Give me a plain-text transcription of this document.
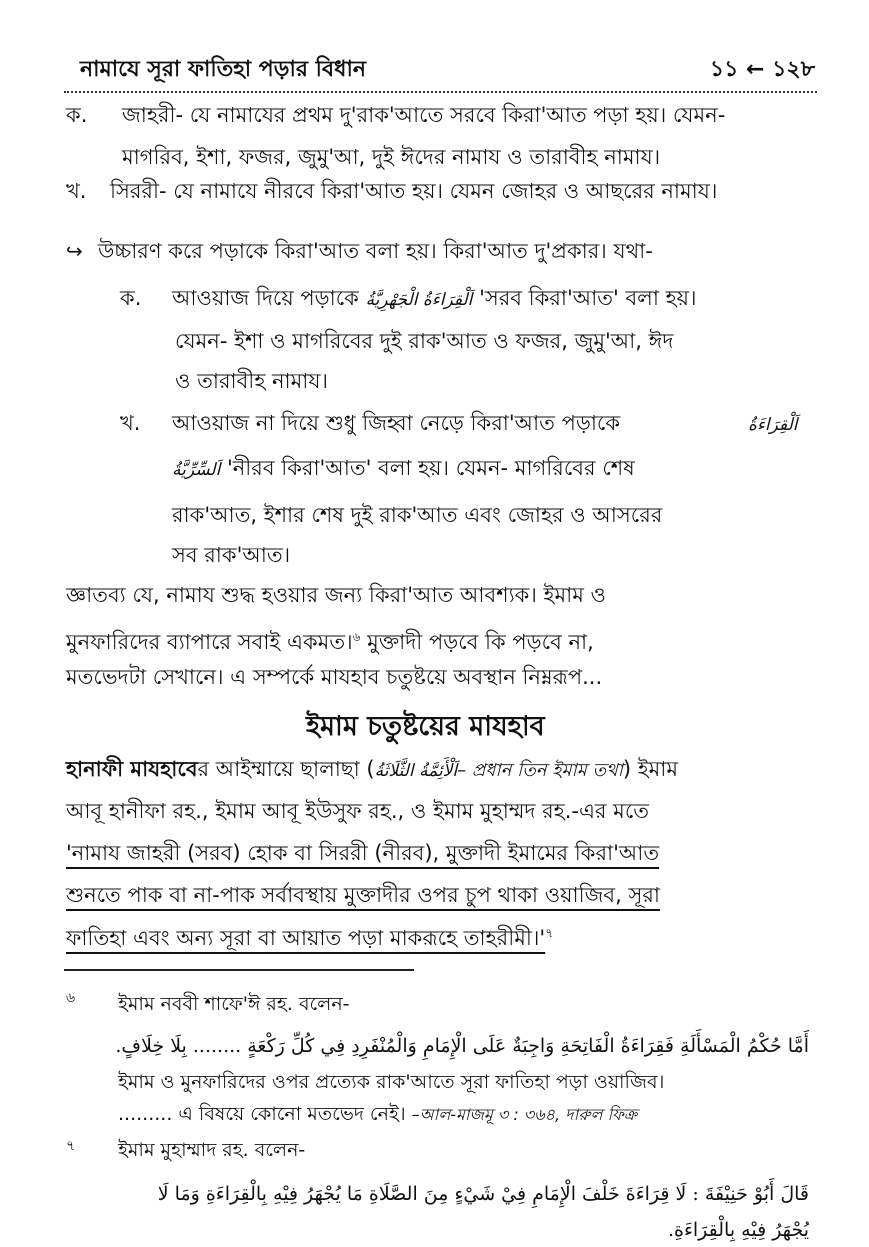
নামাযে সূরা ফাতিহা পড়ার বিধান	১১ ← ১২৮
ক. জাহরী- যে নামাযের প্রথম দু'রাক'আতে সরবে কিরা'আত পড়া হয়। যেমন-
মাগরিব, ইশা, ফজর, জুমু'আ, দুই ঈদের নামায ও তারাবীহ নামায।
খ. সিররী- যে নামাযে নীরবে কিরা'আত হয়। যেমন জোহর ও আছরের নামায।
↪ উচ্চারণ করে পড়াকে কিরা'আত বলা হয়। কিরা'আত দু'প্রকার। যথা-
ক. আওয়াজ দিয়ে পড়াকে اَلْقِرَاءَةُ الْجَهْرِيَّةُ 'সরব কিরা'আত' বলা হয়।
যেমন- ইশা ও মাগরিবের দুই রাক'আত ও ফজর, জুমু'আ, ঈদ
ও তারাবীহ নামায।
খ. আওয়াজ না দিয়ে শুধু জিহ্বা নেড়ে কিরা'আত পড়াকে	اَلْقِرَاءَةُ
اَلسِّرِّيَّةُ 'নীরব কিরা'আত' বলা হয়। যেমন- মাগরিবের শেষ
রাক'আত, ইশার শেষ দুই রাক'আত এবং জোহর ও আসরের
সব রাক'আত।
জ্ঞাতব্য যে, নামায শুদ্ধ হওয়ার জন্য কিরা'আত আবশ্যক। ইমাম ও
মুনফারিদের ব্যাপারে সবাই একমত।$^৬$ মুক্তাদী পড়বে কি পড়বে না,
মতভেদটা সেখানে। এ সম্পর্কে মাযহাব চতুষ্টয়ে অবস্থান নিম্নরূপ...
ইমাম চতুষ্টয়ের মাযহাব
হানাফী মাযহাবের আইম্মায়ে ছালাছা (اَلْأَئِمَّةُ الثَّلَاثَةُ– প্রধান তিন ইমাম তথা) ইমাম
আবূ হানীফা রহ., ইমাম আবূ ইউসুফ রহ., ও ইমাম মুহাম্মদ রহ.-এর মতে
'নামায জাহরী (সরব) হোক বা সিররী (নীরব), মুক্তাদী ইমামের কিরা'আত
শুনতে পাক বা না-পাক সর্বাবস্থায় মুক্তাদীর ওপর চুপ থাকা ওয়াজিব, সূরা
ফাতিহা এবং অন্য সূরা বা আয়াত পড়া মাকরূহে $তাহরীমী।'^৭$
৬ ইমাম নববী শাফে'ঈ রহ. বলেন-
أَمَّا حُكْمُ الْمَسْأَلَةِ فَقِرَاءَةُ الْفَاتِحَةِ وَاجِبَةٌ عَلَى الْإِمَامِ وَالْمُنْفَرِدِ فِي كُلِّ رَكْعَةٍ ........ بِلَا خِلَافٍ.
ইমাম ও মুনফারিদের ওপর প্রত্যেক রাক'আতে সূরা ফাতিহা পড়া ওয়াজিব।
......... এ বিষয়ে কোনো মতভেদ নেই। –আল-মাজমূ ৩ : ৩৬৪, দারুল ফিক্র
৭ ইমাম মুহাম্মাদ রহ. বলেন-
قَالَ أَبُوْ حَنِيْفَةَ : لَا قِرَاءَةَ خَلْفَ الْإِمَامِ فِيْ شَيْءٍ مِنَ الصَّلَاةِ مَا يُجْهَرُ فِيْهِ بِالْقِرَاءَةِ وَمَا لَا
يُجْهَرُ فِيْهِ بِالْقِرَاءَةِ.
